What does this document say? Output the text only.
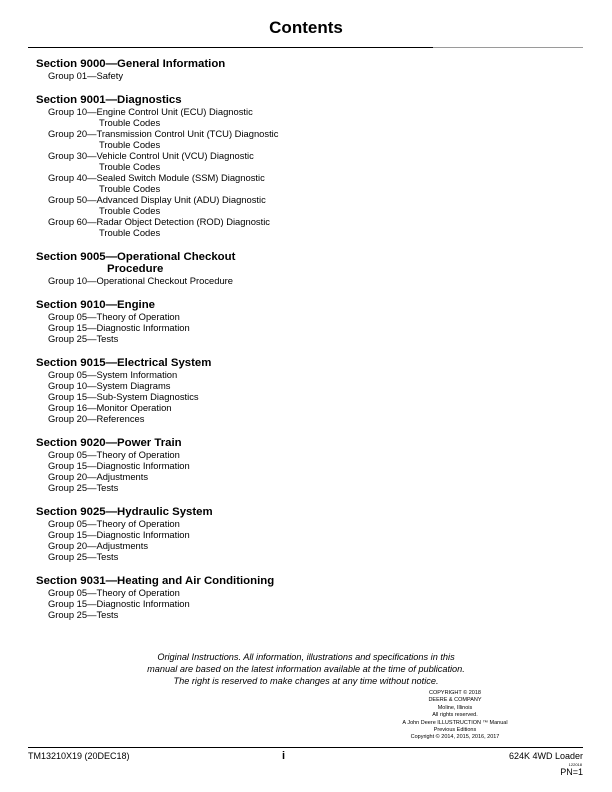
Contents
Section 9000—General Information
Group 01—Safety
Section 9001—Diagnostics
Group 10—Engine Control Unit (ECU) Diagnostic
Trouble Codes
Group 20—Transmission Control Unit (TCU) Diagnostic
Trouble Codes
Group 30—Vehicle Control Unit (VCU) Diagnostic
Trouble Codes
Group 40—Sealed Switch Module (SSM) Diagnostic
Trouble Codes
Group 50—Advanced Display Unit (ADU) Diagnostic
Trouble Codes
Group 60—Radar Object Detection (ROD) Diagnostic
Trouble Codes
Section 9005—Operational Checkout
Procedure
Group 10—Operational Checkout Procedure
Section 9010—Engine
Group 05—Theory of Operation
Group 15—Diagnostic Information
Group 25—Tests
Section 9015—Electrical System
Group 05—System Information
Group 10—System Diagrams
Group 15—Sub-System Diagnostics
Group 16—Monitor Operation
Group 20—References
Section 9020—Power Train
Group 05—Theory of Operation
Group 15—Diagnostic Information
Group 20—Adjustments
Group 25—Tests
Section 9025—Hydraulic System
Group 05—Theory of Operation
Group 15—Diagnostic Information
Group 20—Adjustments
Group 25—Tests
Section 9031—Heating and Air Conditioning
Group 05—Theory of Operation
Group 15—Diagnostic Information
Group 25—Tests
Original Instructions. All information, illustrations and specifications in this
manual are based on the latest information available at the time of publication.
The right is reserved to make changes at any time without notice.
COPYRIGHT © 2018
DEERE & COMPANY
Moline, Illinois
All rights reserved.
A John Deere ILLUSTRUCTION ™ Manual
Previous Editions
Copyright © 2014, 2015, 2016, 2017
TM13210X19 (20DEC18)	i	624K 4WD Loader
122018
PN=1
